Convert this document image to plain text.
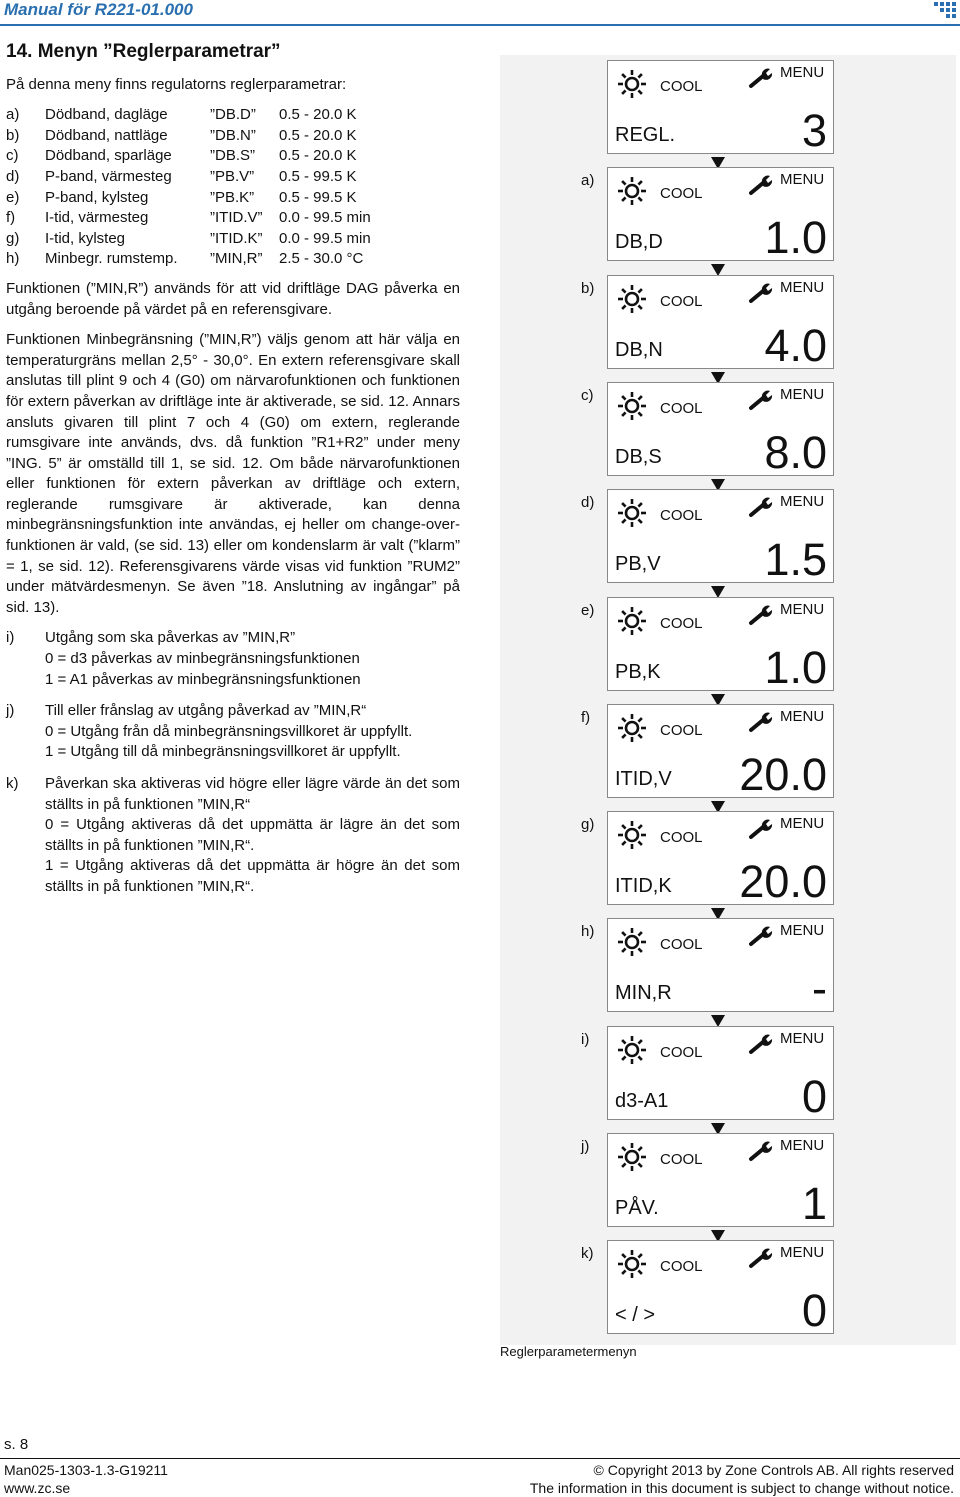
Manual för R221-01.000
14. Menyn ”Reglerparametrar”
På denna meny finns regulatorns reglerparametrar:
a)	Dödband, dagläge	”DB.D”	0.5 - 20.0 K
b)	Dödband, nattläge	”DB.N”	0.5 - 20.0 K
c)	Dödband, sparläge	”DB.S”	0.5 - 20.0 K
d)	P-band, värmesteg	”PB.V”	0.5 - 99.5 K
e)	P-band, kylsteg	”PB.K”	0.5 - 99.5 K
f)	I-tid, värmesteg	”ITID.V”	0.0 - 99.5 min
g)	I-tid, kylsteg	”ITID.K”	0.0 - 99.5 min
h)	Minbegr. rumstemp.	”MIN,R”	2.5 - 30.0 °C

Funktionen (”MIN,R”) används för att vid driftläge DAG påverka en utgång beroende på värdet på en referensgivare.

Funktionen Minbegränsning (”MIN,R”) väljs genom att här välja en temperaturgräns mellan 2,5° - 30,0°. En extern referensgivare skall anslutas till plint 9 och 4 (G0) om närvarofunktionen och funktionen för extern påverkan av driftläge inte är aktiverade, se sid. 12. Annars ansluts givaren till plint 7 och 4 (G0) om extern, reglerande rumsgivare inte används, dvs. då funktion ”R1+R2” under meny ”ING. 5” är omställd till 1, se sid. 12. Om både närvarofunktionen eller funktionen för extern påverkan av driftläge och extern, reglerande rumsgivare är aktiverade, kan denna minbegränsningsfunktion inte användas, ej heller om change-over-funktionen är vald, (se sid. 13) eller om kondenslarm är valt (”klarm” = 1, se sid. 12). Referensgivarens värde visas vid funktion ”RUM2” under mätvärdesmenyn. Se även ”18. Anslutning av ingångar” på sid. 13).

i)	Utgång som ska påverkas av ”MIN,R”
0 = d3 påverkas av minbegränsningsfunktionen
1 = A1 påverkas av minbegränsningsfunktionen
j)	Till eller frånslag av utgång påverkad av ”MIN,R“
0 = Utgång från då minbegränsningsvillkoret är uppfyllt.
1 = Utgång till då minbegränsningsvillkoret är uppfyllt.
k)	Påverkan ska aktiveras vid högre eller lägre värde än det som ställts in på funktionen ”MIN,R“
0 = Utgång aktiveras då det uppmätta är lägre än det som ställts in på funktionen ”MIN,R“.
1 = Utgång aktiveras då det uppmätta är högre än det som ställts in på funktionen ”MIN,R“.
COOL
MENU
REGL.	3
COOL
MENU
DB,D 1.0
a)
COOL
MENU
DB,N 4.0
b)
COOL
MENU
DB,S 8.0
c)
COOL
MENU
PB,V 1.5
d)
COOL
MENU
PB,K 1.0
e)
COOL
MENU
ITID,V 20.0
f)
COOL
MENU
ITID,K 20.0
g)
COOL
MENU
MIN,R	-
h)
COOL
MENU
d3-A1	0
i)
COOL
MENU
PÅV.	1
j)
COOL
MENU
< / >	0
k)
Reglerparametermenyn
s. 8
Man025-1303-1.3-G19211
www.zc.se
© Copyright 2013 by Zone Controls AB. All rights reserved
The information in this document is subject to change without notice.
